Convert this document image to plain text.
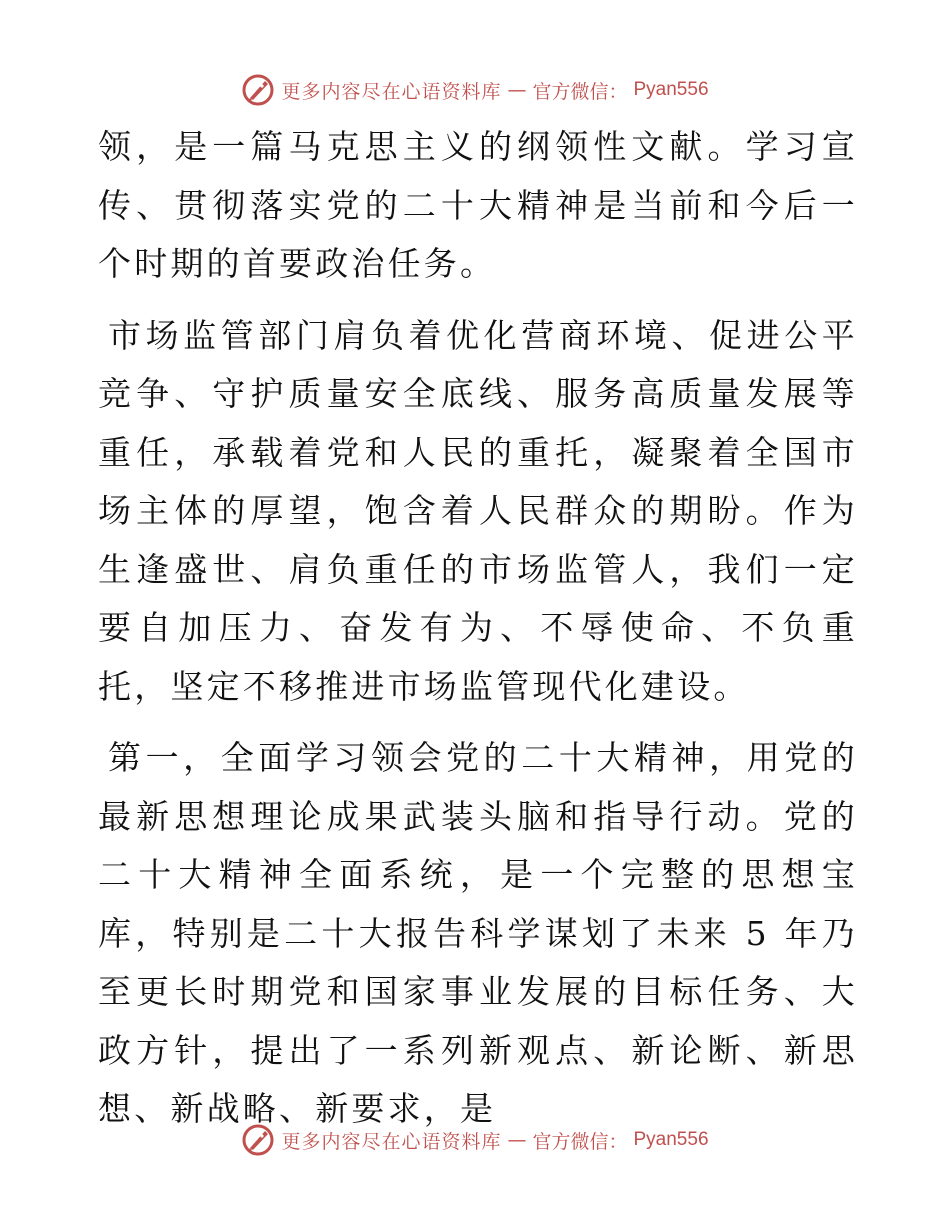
更多内容尽在心语资料库 — 官方微信： Pyan556

领，是一篇马克思主义的纲领性文献。学习宣传、贯彻落实党的二十大精神是当前和今后一个时期的首要政治任务。

市场监管部门肩负着优化营商环境、促进公平竞争、守护质量安全底线、服务高质量发展等重任，承载着党和人民的重托，凝聚着全国市场主体的厚望，饱含着人民群众的期盼。作为生逢盛世、肩负重任的市场监管人，我们一定要自加压力、奋发有为、不辱使命、不负重托，坚定不移推进市场监管现代化建设。

第一，全面学习领会党的二十大精神，用党的最新思想理论成果武装头脑和指导行动。党的二十大精神全面系统，是一个完整的思想宝库，特别是二十大报告科学谋划了未来 5 年乃至更长时期党和国家事业发展的目标任务、大政方针，提出了一系列新观点、新论断、新思想、新战略、新要求，是

更多内容尽在心语资料库 — 官方微信： Pyan556
